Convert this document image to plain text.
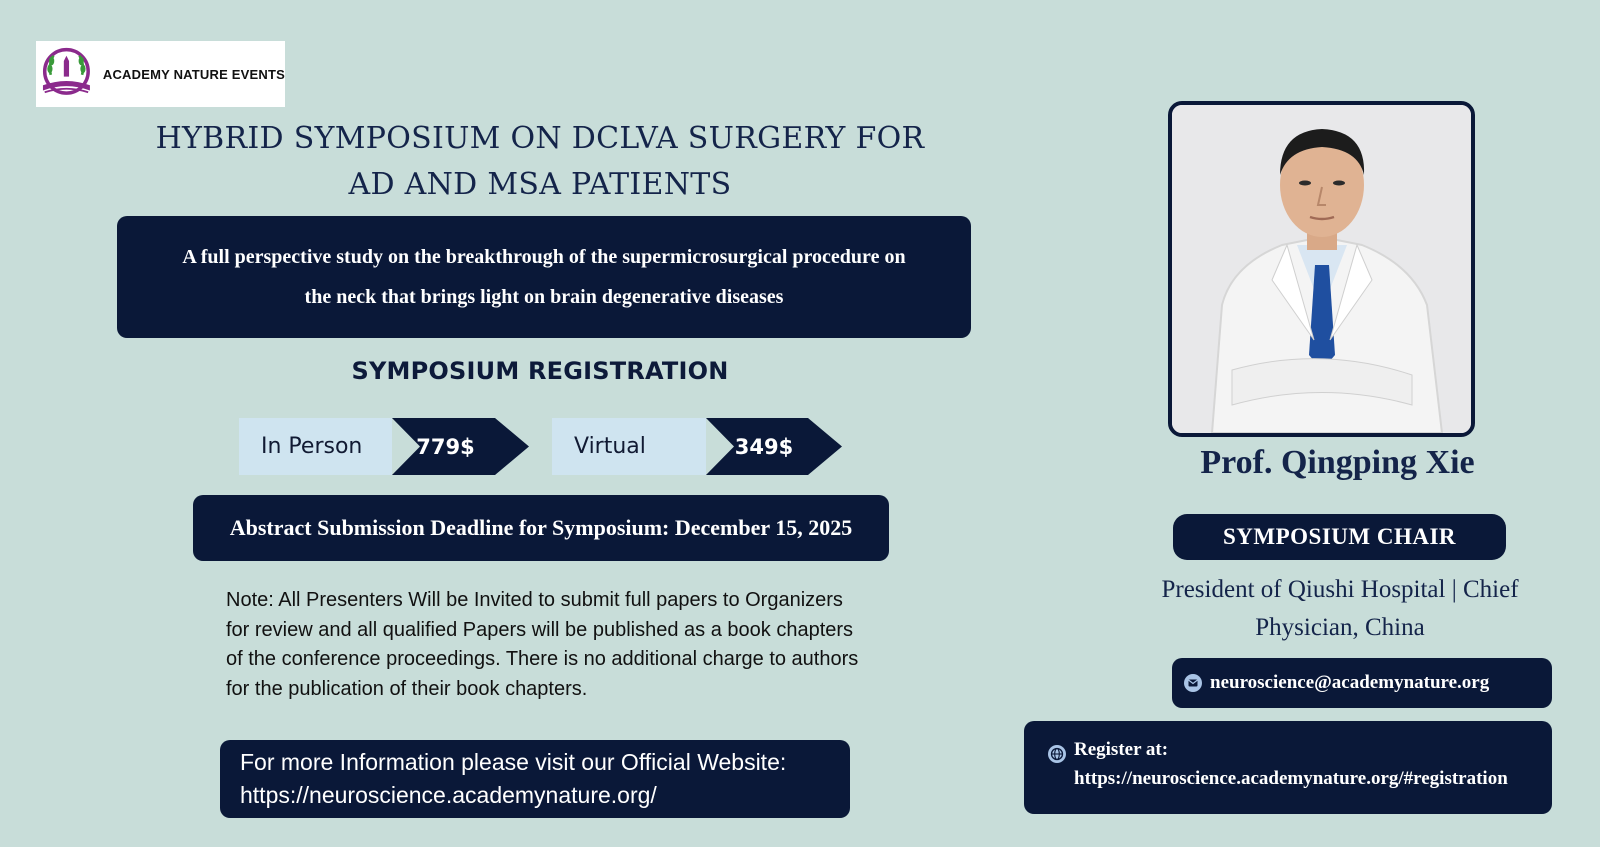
ACADEMY NATURE EVENTS
HYBRID SYMPOSIUM ON DCLVA SURGERY FOR
AD AND MSA PATIENTS
A full perspective study on the breakthrough of the supermicrosurgical procedure on
the neck that brings light on brain degenerative diseases
SYMPOSIUM REGISTRATION
In Person	779$	Virtual	349$
Abstract Submission Deadline for Symposium: December 15, 2025
Note: All Presenters Will be Invited to submit full papers to Organizers
for review and all qualified Papers will be published as a book chapters
of the conference proceedings. There is no additional charge to authors
for the publication of their book chapters.
For more Information please visit our Official Website:
https://neuroscience.academynature.org/
Prof. Qingping Xie
SYMPOSIUM CHAIR
President of Qiushi Hospital | Chief
Physician, China
neuroscience@academynature.org
Register at:
https://neuroscience.academynature.org/#registration
